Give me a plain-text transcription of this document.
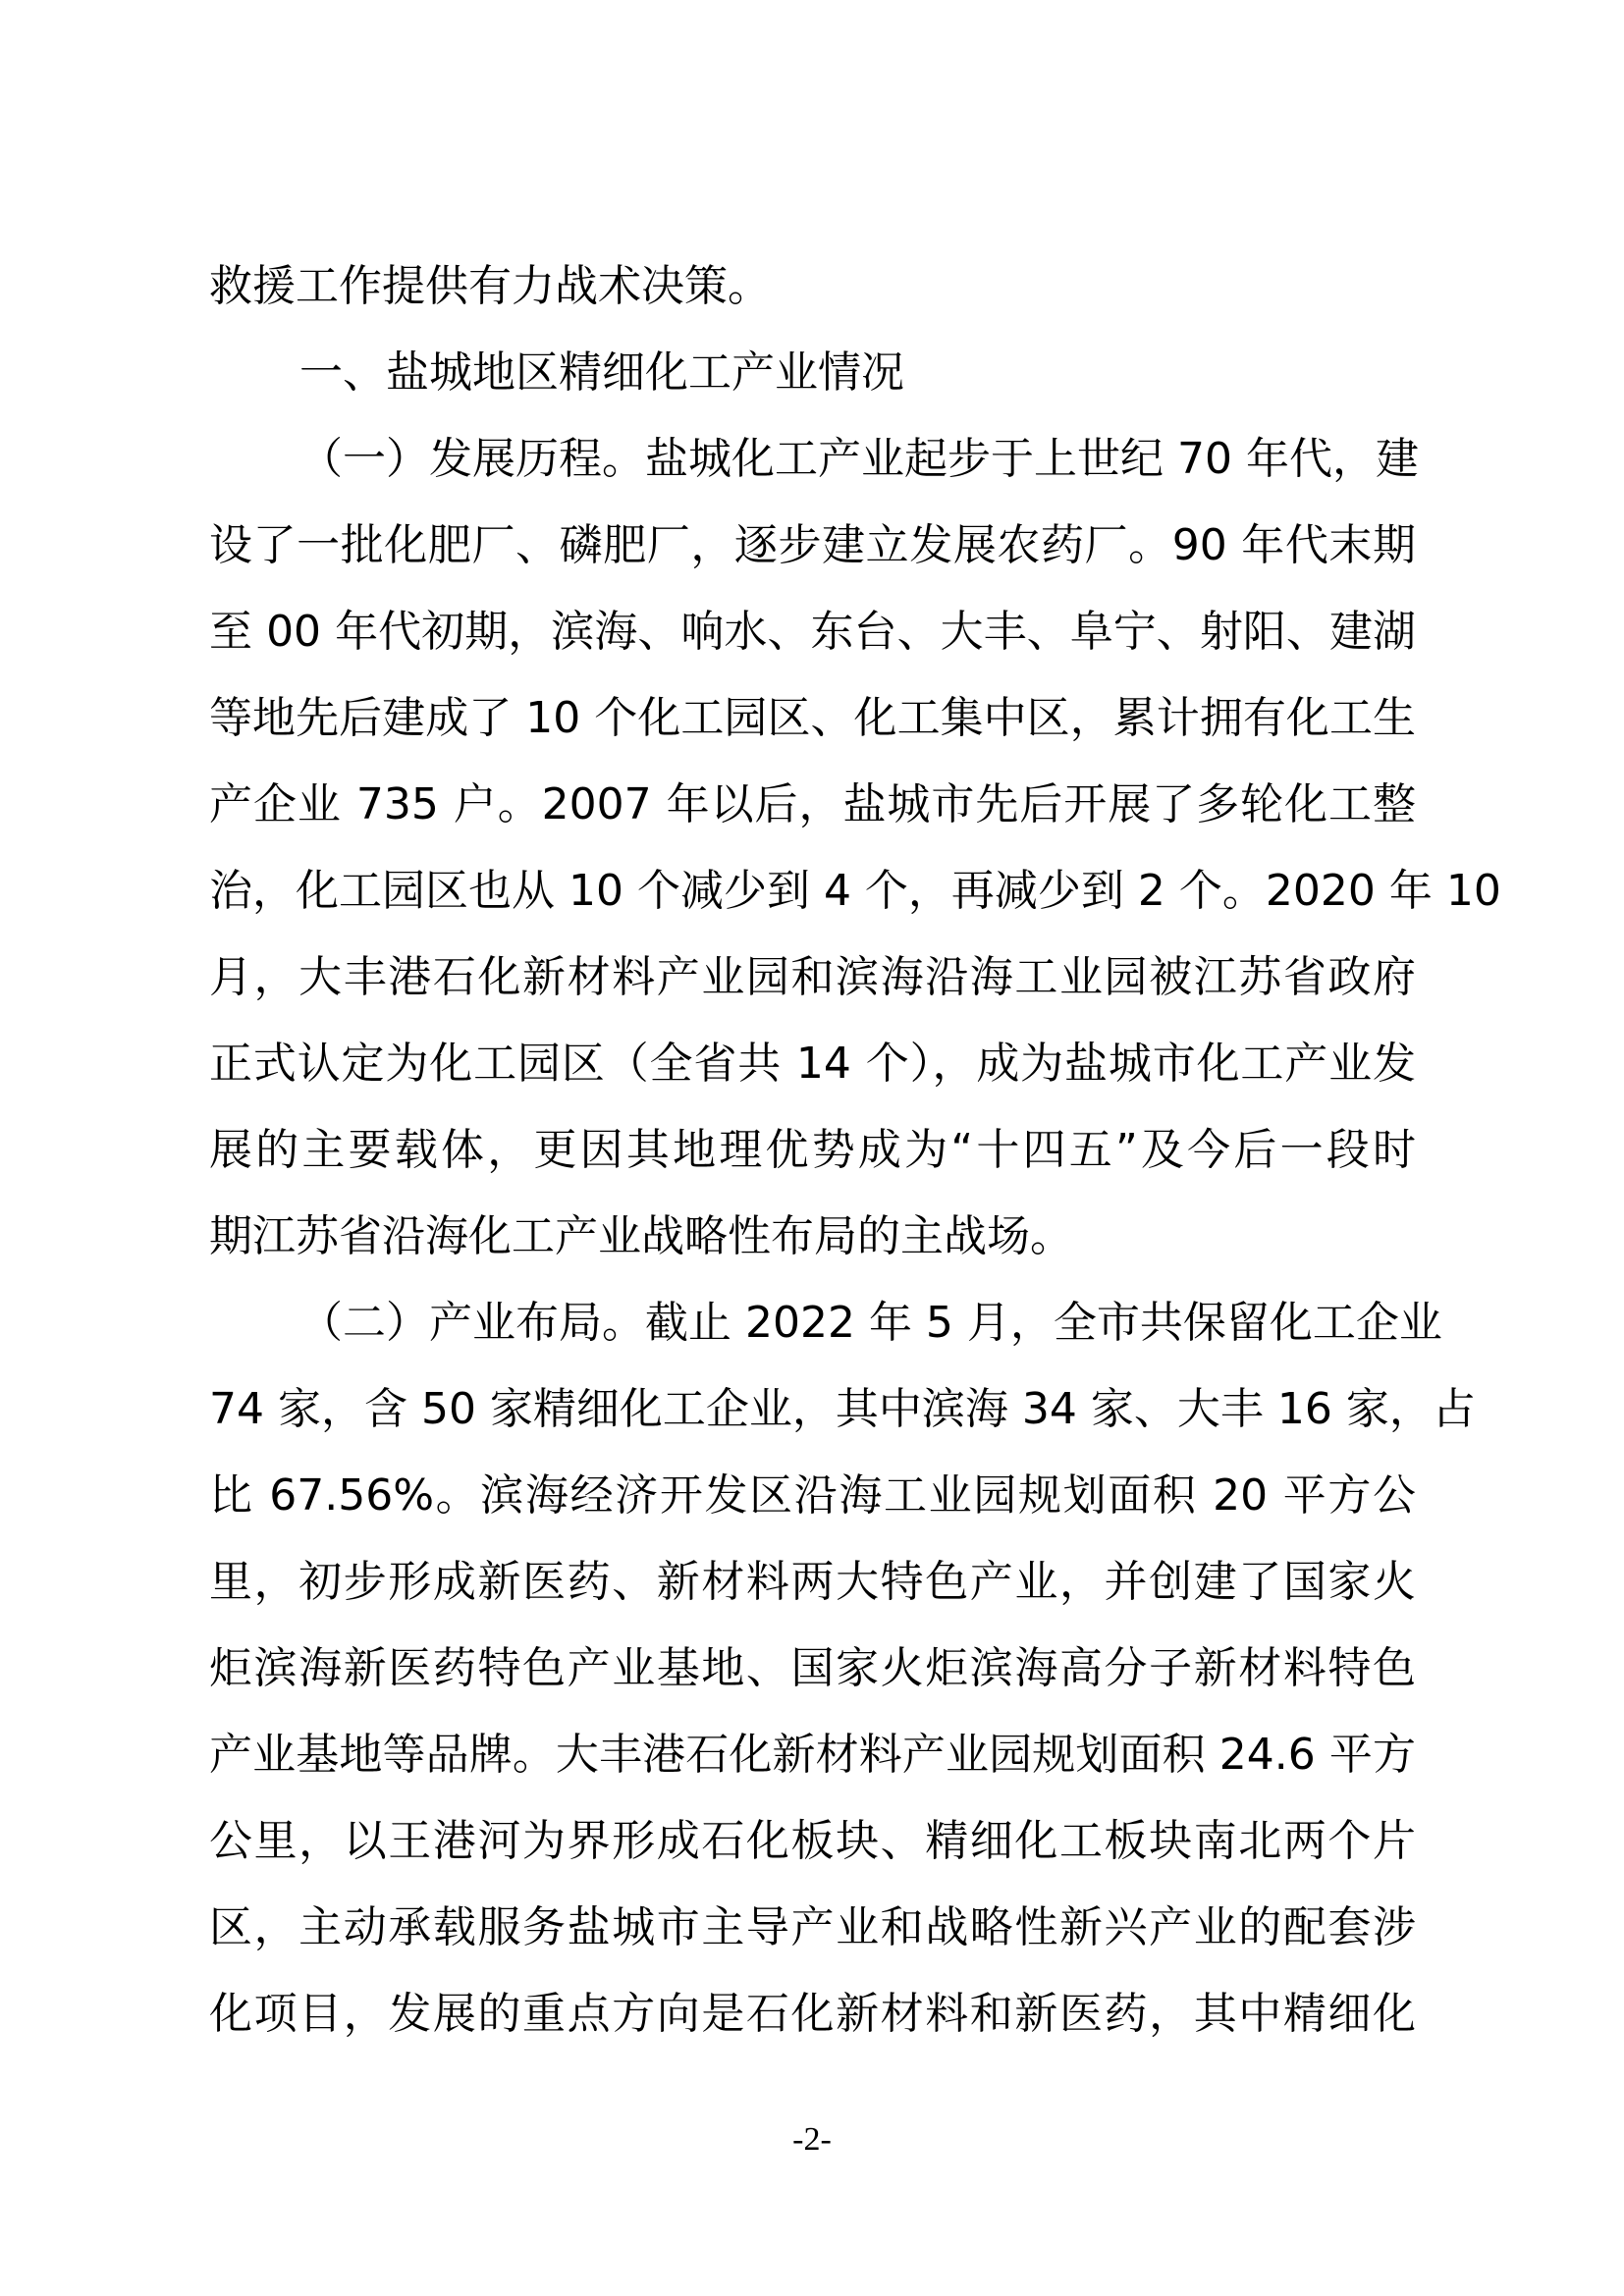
救援工作提供有力战术决策。
一、盐城地区精细化工产业情况
（一）发展历程。盐城化工产业起步于上世纪 70 年代，建
设了一批化肥厂、磷肥厂，逐步建立发展农药厂。90 年代末期
至 00 年代初期，滨海、响水、东台、大丰、阜宁、射阳、建湖
等地先后建成了 10 个化工园区、化工集中区，累计拥有化工生
产企业 735 户。2007 年以后，盐城市先后开展了多轮化工整
治，化工园区也从 10 个减少到 4 个，再减少到 2 个。2020 年 10
月，大丰港石化新材料产业园和滨海沿海工业园被江苏省政府
正式认定为化工园区（全省共 14 个），成为盐城市化工产业发
展的主要载体，更因其地理优势成为“十四五”及今后一段时
期江苏省沿海化工产业战略性布局的主战场。
（二）产业布局。截止 2022 年 5 月，全市共保留化工企业
74 家，含 50 家精细化工企业，其中滨海 34 家、大丰 16 家，占
比 67.56%。滨海经济开发区沿海工业园规划面积 20 平方公
里，初步形成新医药、新材料两大特色产业，并创建了国家火
炬滨海新医药特色产业基地、国家火炬滨海高分子新材料特色
产业基地等品牌。大丰港石化新材料产业园规划面积 24.6 平方
公里，以王港河为界形成石化板块、精细化工板块南北两个片
区，主动承载服务盐城市主导产业和战略性新兴产业的配套涉
化项目，发展的重点方向是石化新材料和新医药，其中精细化
-2-
